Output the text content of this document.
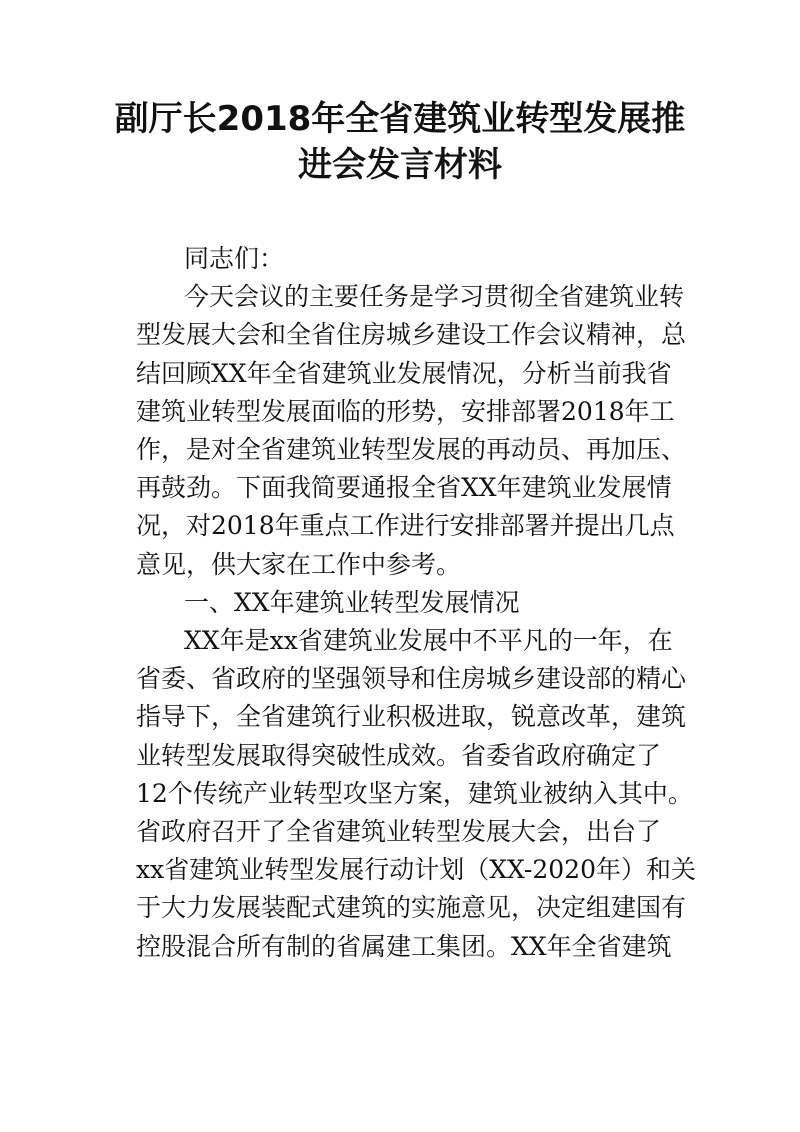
副厅长2018年全省建筑业转型发展推
进会发言材料

同志们：

今天会议的主要任务是学习贯彻全省建筑业转
型发展大会和全省住房城乡建设工作会议精神，总
结回顾XX年全省建筑业发展情况，分析当前我省
建筑业转型发展面临的形势，安排部署2018年工
作，是对全省建筑业转型发展的再动员、再加压、
再鼓劲。下面我简要通报全省XX年建筑业发展情
况，对2018年重点工作进行安排部署并提出几点
意见，供大家在工作中参考。

一、XX年建筑业转型发展情况

XX年是xx省建筑业发展中不平凡的一年，在
省委、省政府的坚强领导和住房城乡建设部的精心
指导下，全省建筑行业积极进取，锐意改革，建筑
业转型发展取得突破性成效。省委省政府确定了
12个传统产业转型攻坚方案，建筑业被纳入其中。
省政府召开了全省建筑业转型发展大会，出台了
xx省建筑业转型发展行动计划（XX-2020年）和关
于大力发展装配式建筑的实施意见，决定组建国有
控股混合所有制的省属建工集团。XX年全省建筑
